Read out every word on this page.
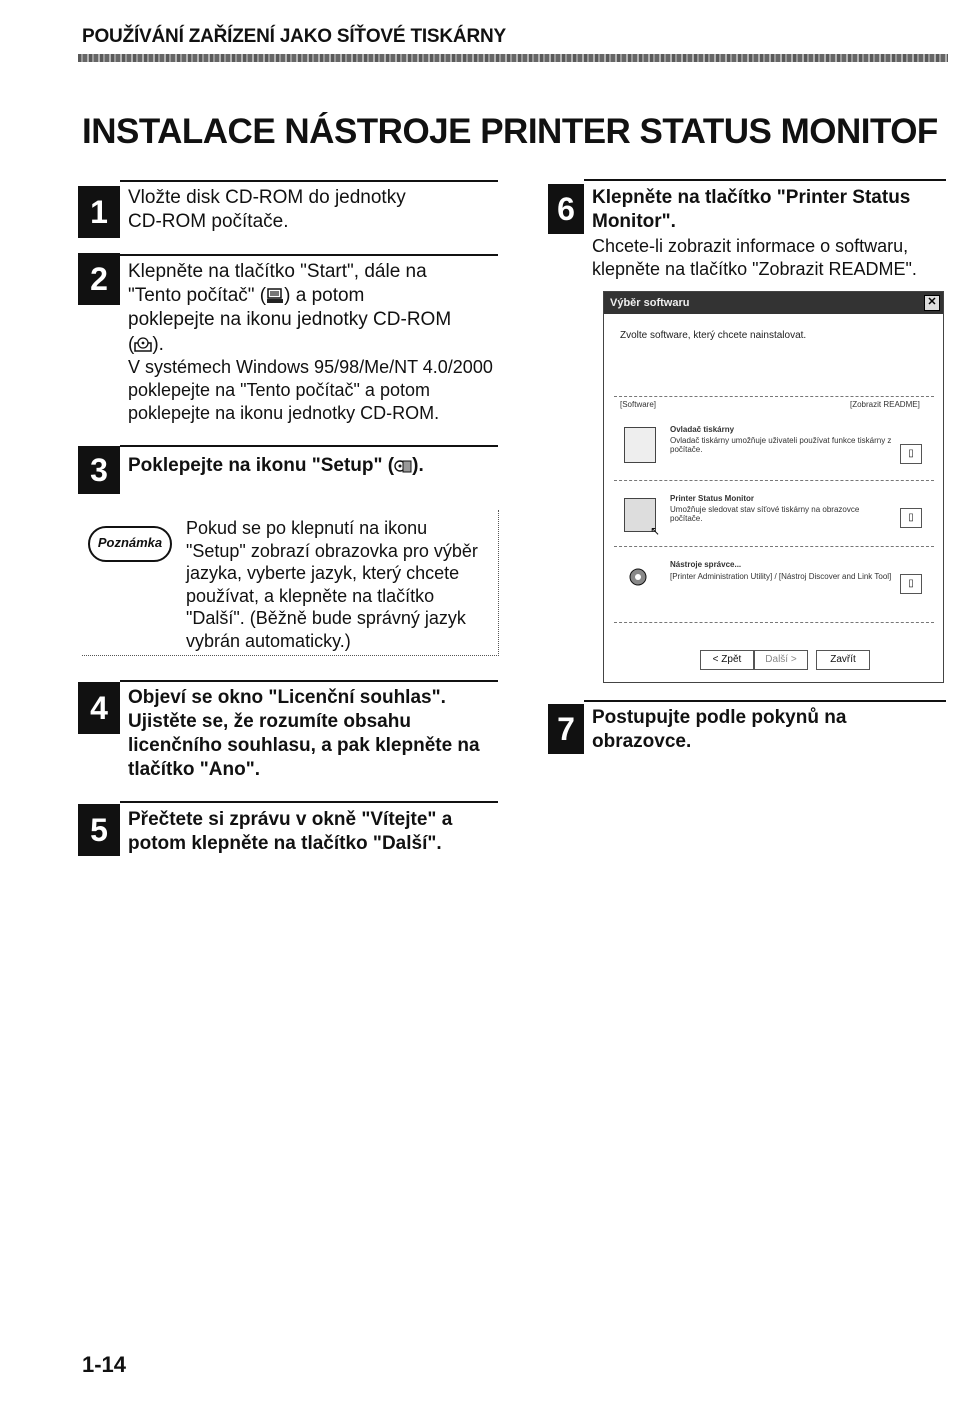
POUŽÍVÁNÍ ZAŘÍZENÍ JAKO SÍŤOVÉ TISKÁRNY
INSTALACE NÁSTROJE PRINTER STATUS MONITOF
1	Vložte disk CD-ROM do jednotky
CD-ROM počítače.
2	Klepněte na tlačítko "Start", dále na
"Tento počítač" ( ) a potom
poklepejte na ikonu jednotky CD-ROM
( ).
V systémech Windows 95/98/Me/NT 4.0/2000
poklepejte na "Tento počítač" a potom
poklepejte na ikonu jednotky CD-ROM.
3	Poklepejte na ikonu "Setup" ( ).
Poznámka
Pokud se po klepnutí na ikonu
"Setup" zobrazí obrazovka pro výběr
jazyka, vyberte jazyk, který chcete
používat, a klepněte na tlačítko
"Další". (Běžně bude správný jazyk
vybrán automaticky.)
4	Objeví se okno "Licenční souhlas".
Ujistěte se, že rozumíte obsahu
licenčního souhlasu, a pak klepněte na
tlačítko "Ano".
5	Přečtete si zprávu v okně "Vítejte" a
potom klepněte na tlačítko "Další".
6 Klepněte na tlačítko "Printer Status
Monitor".
Chcete-li zobrazit informace o softwaru,
klepněte na tlačítko "Zobrazit README".
Výběr softwaru	✕
Zvolte software, který chcete nainstalovat.
[Software]	[Zobrazit README]
Ovladač tiskárny
Ovladač tiskárny umožňuje uživateli používat funkce tiskárny z počítače.	▯
Printer Status Monitor
Umožňuje sledovat stav síťové tiskárny na obrazovce počítače.	▯
↖
Nástroje správce...
[Printer Administration Utility] / [Nástroj Discover and Link Tool]
▯
< Zpět	Další >	Zavřít
7 Postupujte podle pokynů na
obrazovce.
1-14
